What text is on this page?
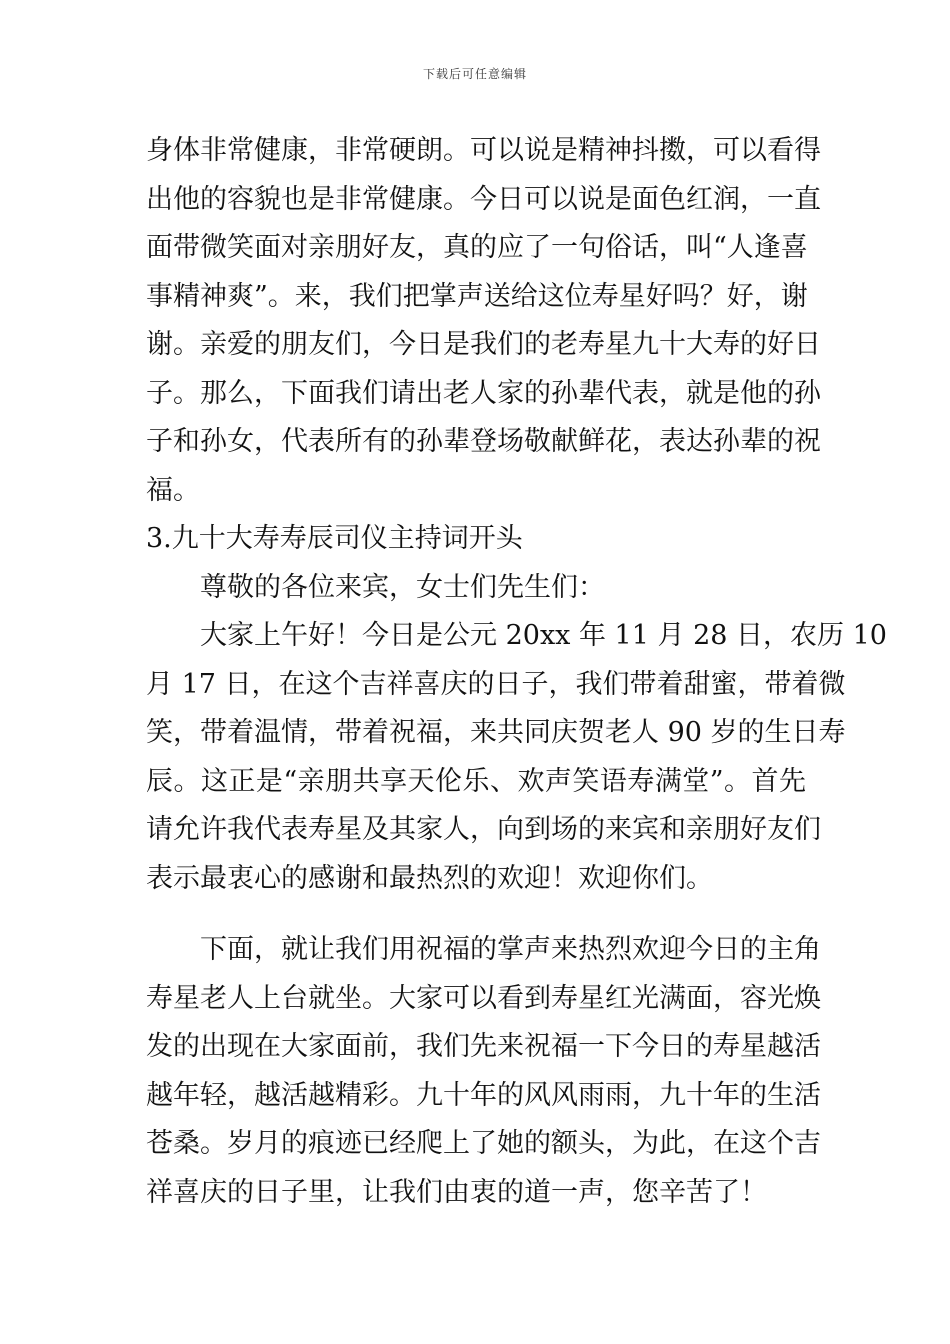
下载后可任意编辑
身体非常健康，非常硬朗。可以说是精神抖擞，可以看得
出他的容貌也是非常健康。今日可以说是面色红润，一直
面带微笑面对亲朋好友，真的应了一句俗话，叫“人逢喜
事精神爽”。来，我们把掌声送给这位寿星好吗？好，谢
谢。亲爱的朋友们，今日是我们的老寿星九十大寿的好日
子。那么，下面我们请出老人家的孙辈代表，就是他的孙
子和孙女，代表所有的孙辈登场敬献鲜花，表达孙辈的祝
福。
3.九十大寿寿辰司仪主持词开头
尊敬的各位来宾，女士们先生们：
大家上午好！今日是公元 20xx 年 11 月 28 日，农历 10
月 17 日，在这个吉祥喜庆的日子，我们带着甜蜜，带着微
笑，带着温情，带着祝福，来共同庆贺老人 90 岁的生日寿
辰。这正是“亲朋共享天伦乐、欢声笑语寿满堂”。首先
请允许我代表寿星及其家人，向到场的来宾和亲朋好友们
表示最衷心的感谢和最热烈的欢迎！欢迎你们。
下面，就让我们用祝福的掌声来热烈欢迎今日的主角
寿星老人上台就坐。大家可以看到寿星红光满面，容光焕
发的出现在大家面前，我们先来祝福一下今日的寿星越活
越年轻，越活越精彩。九十年的风风雨雨，九十年的生活
苍桑。岁月的痕迹已经爬上了她的额头，为此，在这个吉
祥喜庆的日子里，让我们由衷的道一声，您辛苦了！
